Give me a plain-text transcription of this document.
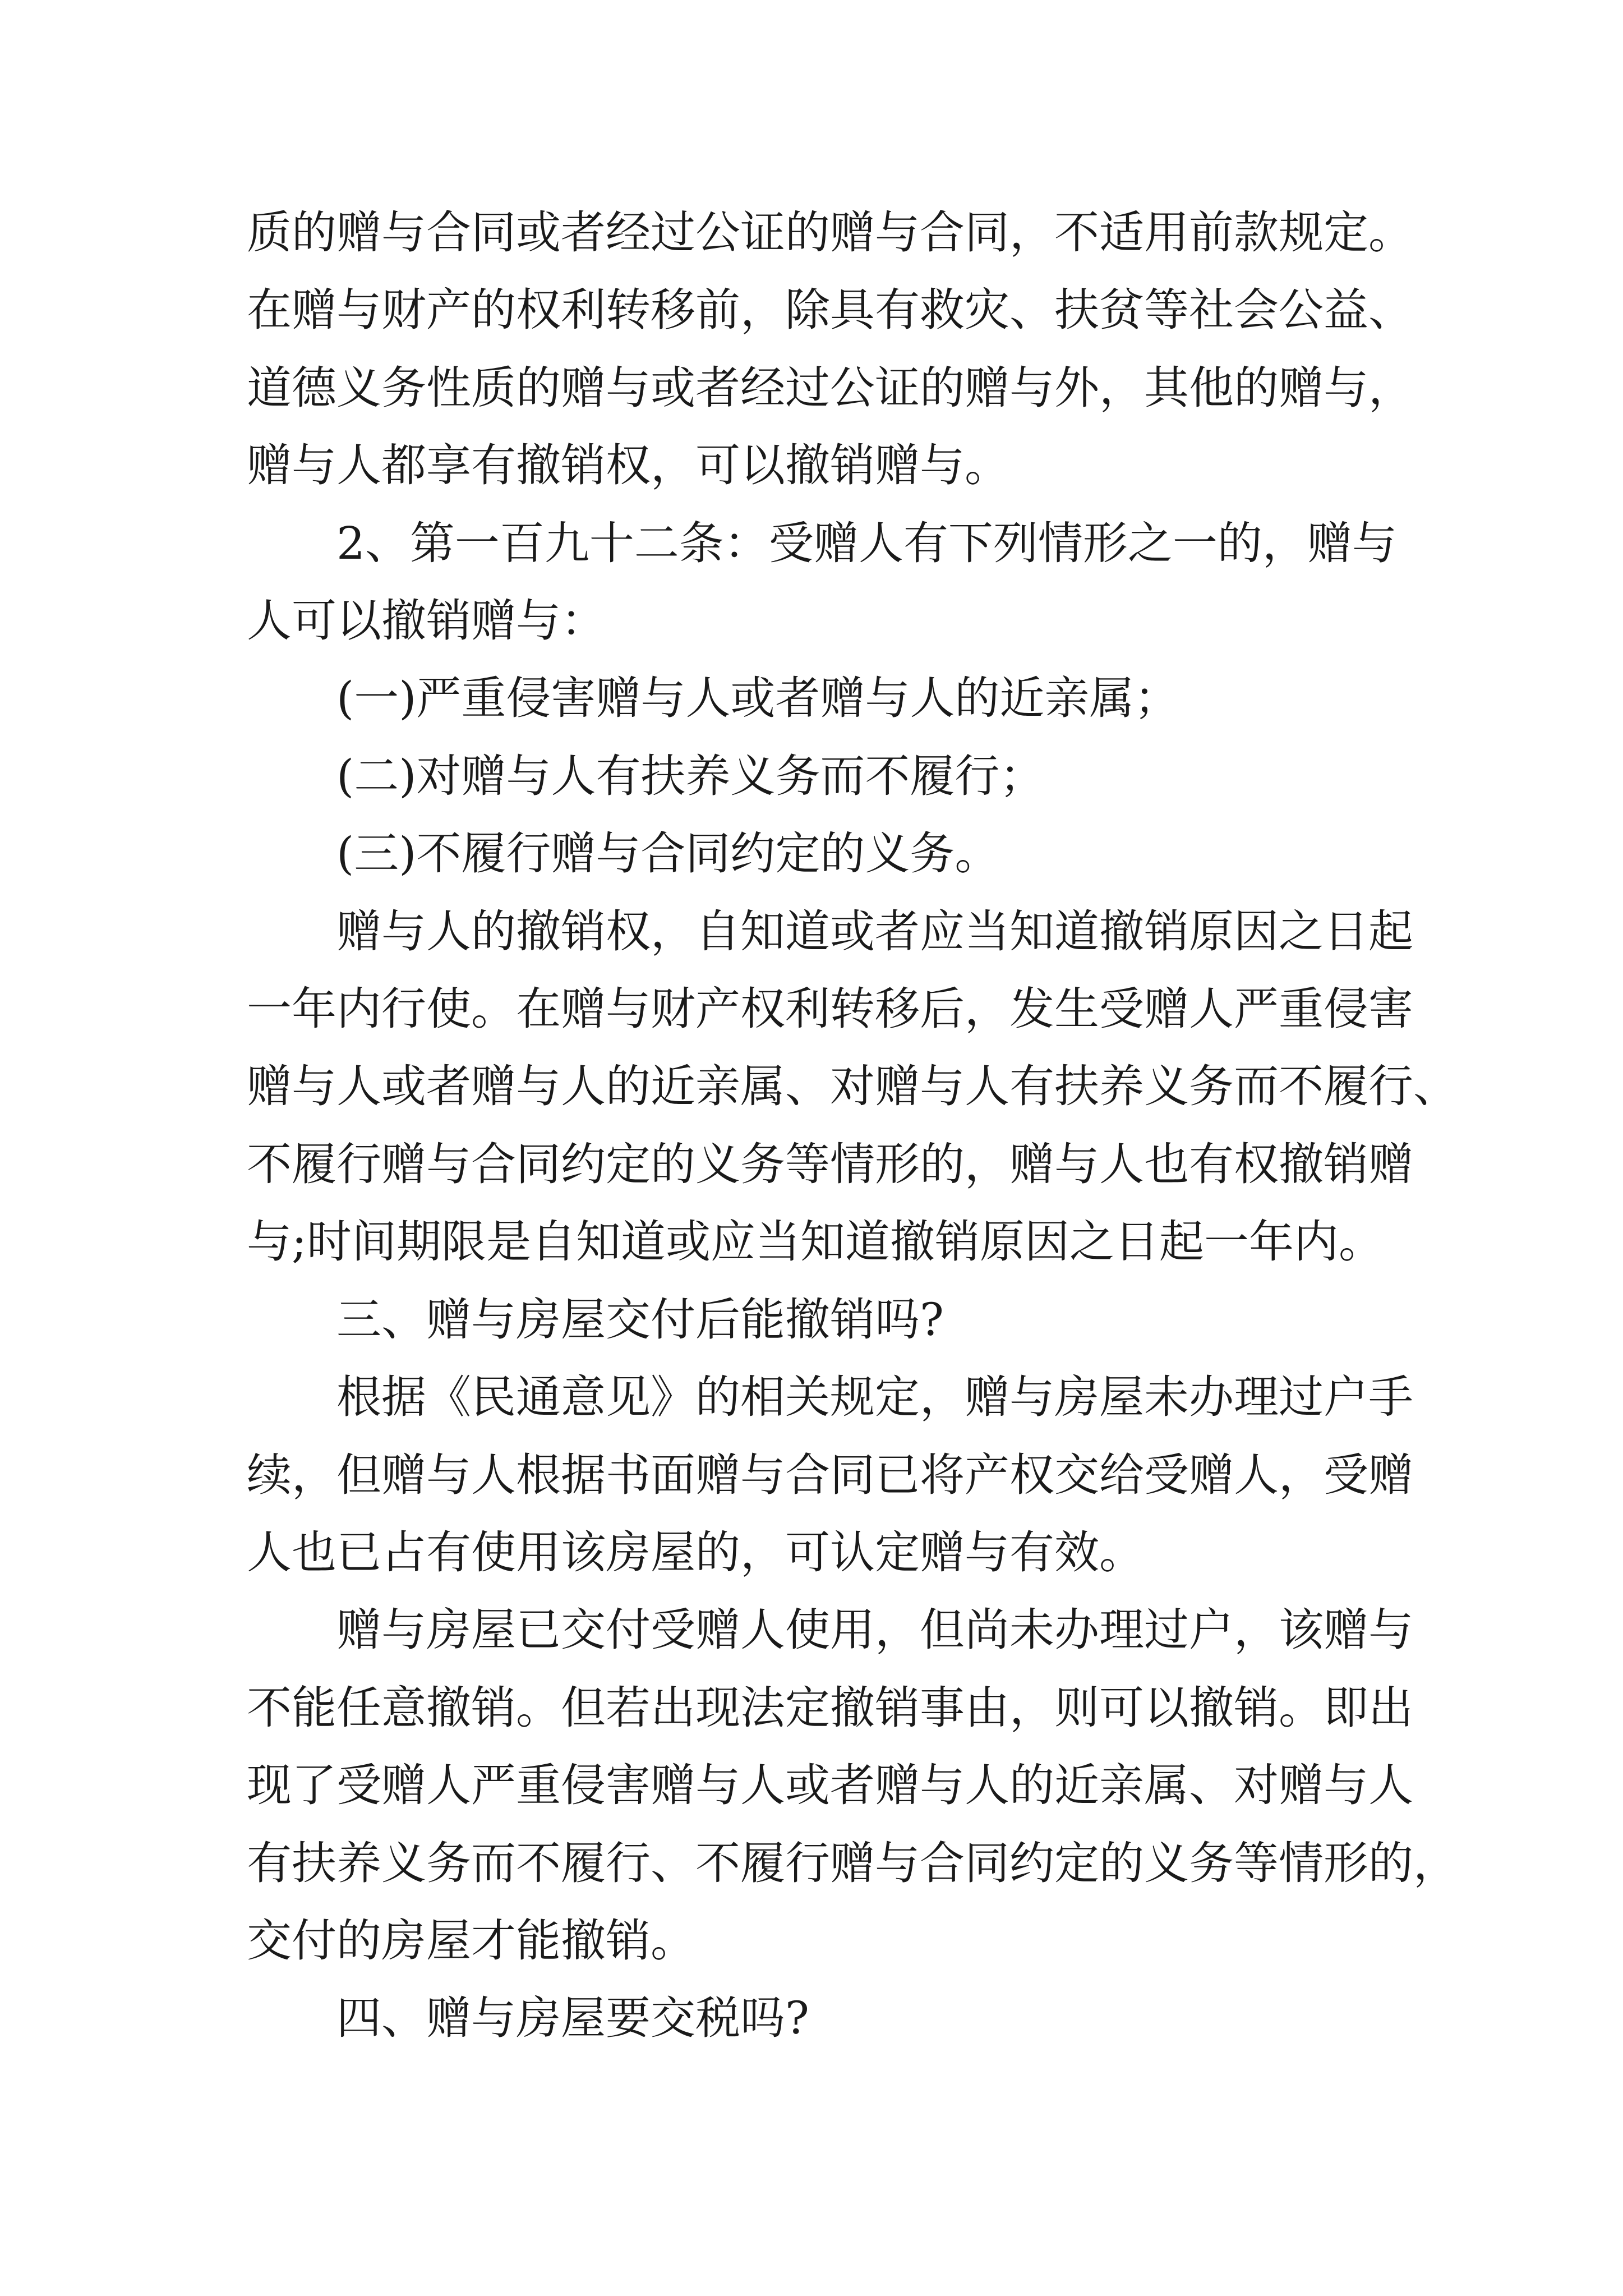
质的赠与合同或者经过公证的赠与合同，不适用前款规定。
在赠与财产的权利转移前，除具有救灾、扶贫等社会公益、
道德义务性质的赠与或者经过公证的赠与外，其他的赠与，
赠与人都享有撤销权，可以撤销赠与。

2、第一百九十二条：受赠人有下列情形之一的，赠与
人可以撤销赠与：

(一)严重侵害赠与人或者赠与人的近亲属；

(二)对赠与人有扶养义务而不履行；

(三)不履行赠与合同约定的义务。

赠与人的撤销权，自知道或者应当知道撤销原因之日起
一年内行使。在赠与财产权利转移后，发生受赠人严重侵害
赠与人或者赠与人的近亲属、对赠与人有扶养义务而不履行、
不履行赠与合同约定的义务等情形的，赠与人也有权撤销赠
与;时间期限是自知道或应当知道撤销原因之日起一年内。

三、赠与房屋交付后能撤销吗?

根据《民通意见》的相关规定，赠与房屋未办理过户手
续，但赠与人根据书面赠与合同已将产权交给受赠人，受赠
人也已占有使用该房屋的，可认定赠与有效。

赠与房屋已交付受赠人使用，但尚未办理过户，该赠与
不能任意撤销。但若出现法定撤销事由，则可以撤销。即出
现了受赠人严重侵害赠与人或者赠与人的近亲属、对赠与人
有扶养义务而不履行、不履行赠与合同约定的义务等情形的，
交付的房屋才能撤销。

四、赠与房屋要交税吗?
